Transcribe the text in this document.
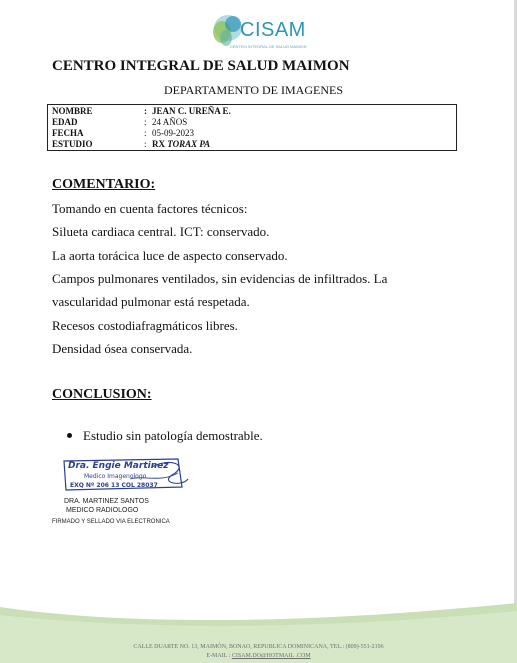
CISAM
CENTRO INTEGRAL DE SALUD MAIMON
CENTRO INTEGRAL DE SALUD MAIMON
DEPARTAMENTO DE IMAGENES
NOMBRE	: JEAN C. UREÑA E.
EDAD	: 24 AÑOS
FECHA	: 05-09-2023
ESTUDIO	: RX TORAX PA
COMENTARIO:
Tomando en cuenta factores técnicos:
Silueta cardiaca central. ICT: conservado.
La aorta torácica luce de aspecto conservado.
Campos pulmonares ventilados, sin evidencias de infiltrados. La
vascularidad pulmonar está respetada.
Recesos costodiafragmáticos libres.
Densidad ósea conservada.
CONCLUSION:
Estudio sin patología demostrable.
Dra. Engie Martinez
Medico Imagenologo
EXQ Nº 206 13 COL 28037
DRA. MARTINEZ SANTOS
MEDICO RADIOLOGO
FIRMADO Y SELLADO VIA ELECTRONICA
CALLE DUARTE NO. 13, MAIMÓN, BONAO, REPUBLICA DOMINICANA, TEL.: (809)-551-2196
E-MAIL : CISAM.DO@HOTMAIL .COM
